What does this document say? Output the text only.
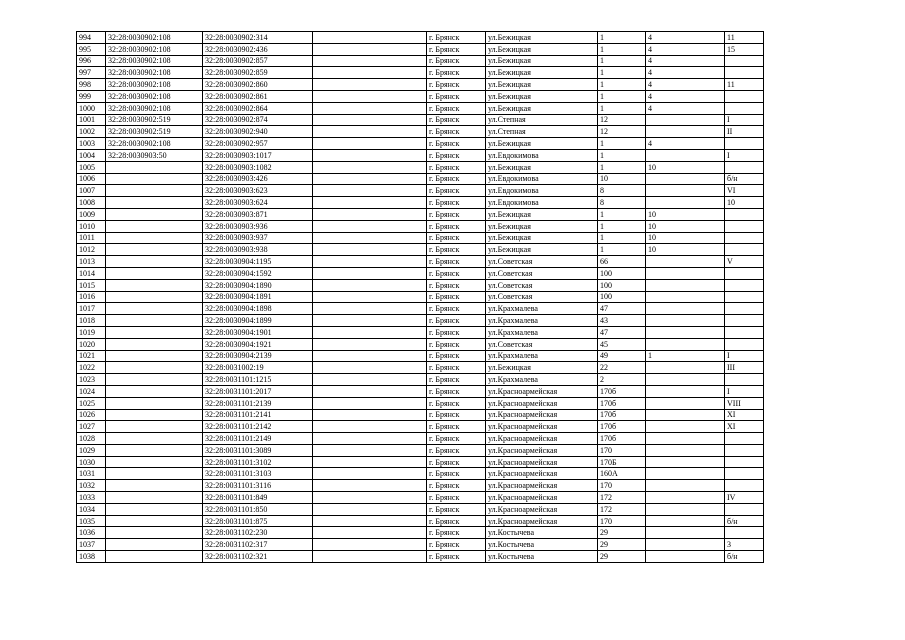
994	32:28:0030902:108	32:28:0030902:314		г. Брянск	ул.Бежицкая	1	4	11
995	32:28:0030902:108	32:28:0030902:436		г. Брянск	ул.Бежицкая	1	4	15
996	32:28:0030902:108	32:28:0030902:857		г. Брянск	ул.Бежицкая	1	4	
997	32:28:0030902:108	32:28:0030902:859		г. Брянск	ул.Бежицкая	1	4	
998	32:28:0030902:108	32:28:0030902:860		г. Брянск	ул.Бежицкая	1	4	11
999	32:28:0030902:108	32:28:0030902:861		г. Брянск	ул.Бежицкая	1	4	
1000	32:28:0030902:108	32:28:0030902:864		г. Брянск	ул.Бежицкая	1	4	
1001	32:28:0030902:519	32:28:0030902:874		г. Брянск	ул.Степная	12		I
1002	32:28:0030902:519	32:28:0030902:940		г. Брянск	ул.Степная	12		II
1003	32:28:0030902:108	32:28:0030902:957		г. Брянск	ул.Бежицкая	1	4	
1004	32:28:0030903:50	32:28:0030903:1017		г. Брянск	ул.Евдокимова	1		I
1005		32:28:0030903:1082		г. Брянск	ул.Бежицкая	1	10	
1006		32:28:0030903:426		г. Брянск	ул.Евдокимова	10		б/н
1007		32:28:0030903:623		г. Брянск	ул.Евдокимова	8		VI
1008		32:28:0030903:624		г. Брянск	ул.Евдокимова	8		10
1009		32:28:0030903:871		г. Брянск	ул.Бежицкая	1	10	
1010		32:28:0030903:936		г. Брянск	ул.Бежицкая	1	10	
1011		32:28:0030903:937		г. Брянск	ул.Бежицкая	1	10	
1012		32:28:0030903:938		г. Брянск	ул.Бежицкая	1	10	
1013		32:28:0030904:1195		г. Брянск	ул.Советская	66		V
1014		32:28:0030904:1592		г. Брянск	ул.Советская	100		
1015		32:28:0030904:1890		г. Брянск	ул.Советская	100		
1016		32:28:0030904:1891		г. Брянск	ул.Советская	100		
1017		32:28:0030904:1898		г. Брянск	ул.Крахмалева	47		
1018		32:28:0030904:1899		г. Брянск	ул.Крахмалева	43		
1019		32:28:0030904:1901		г. Брянск	ул.Крахмалева	47		
1020		32:28:0030904:1921		г. Брянск	ул.Советская	45		
1021		32:28:0030904:2139		г. Брянск	ул.Крахмалева	49	1	I
1022		32:28:0031002:19		г. Брянск	ул.Бежицкая	22		III
1023		32:28:0031101:1215		г. Брянск	ул.Крахмалева	2		
1024		32:28:0031101:2017		г. Брянск	ул.Красноармейская	170б		I
1025		32:28:0031101:2139		г. Брянск	ул.Красноармейская	170б		VIII
1026		32:28:0031101:2141		г. Брянск	ул.Красноармейская	170б		XI
1027		32:28:0031101:2142		г. Брянск	ул.Красноармейская	170б		XI
1028		32:28:0031101:2149		г. Брянск	ул.Красноармейская	170б		
1029		32:28:0031101:3089		г. Брянск	ул.Красноармейская	170		
1030		32:28:0031101:3102		г. Брянск	ул.Красноармейская	170Б		
1031		32:28:0031101:3103		г. Брянск	ул.Красноармейская	160А		
1032		32:28:0031101:3116		г. Брянск	ул.Красноармейская	170		
1033		32:28:0031101:849		г. Брянск	ул.Красноармейская	172		IV
1034		32:28:0031101:850		г. Брянск	ул.Красноармейская	172		
1035		32:28:0031101:875		г. Брянск	ул.Красноармейская	170		б/н
1036		32:28:0031102:230		г. Брянск	ул.Костычева	29		
1037		32:28:0031102:317		г. Брянск	ул.Костычева	29		3
1038		32:28:0031102:321		г. Брянск	ул.Костычева	29		б/н
